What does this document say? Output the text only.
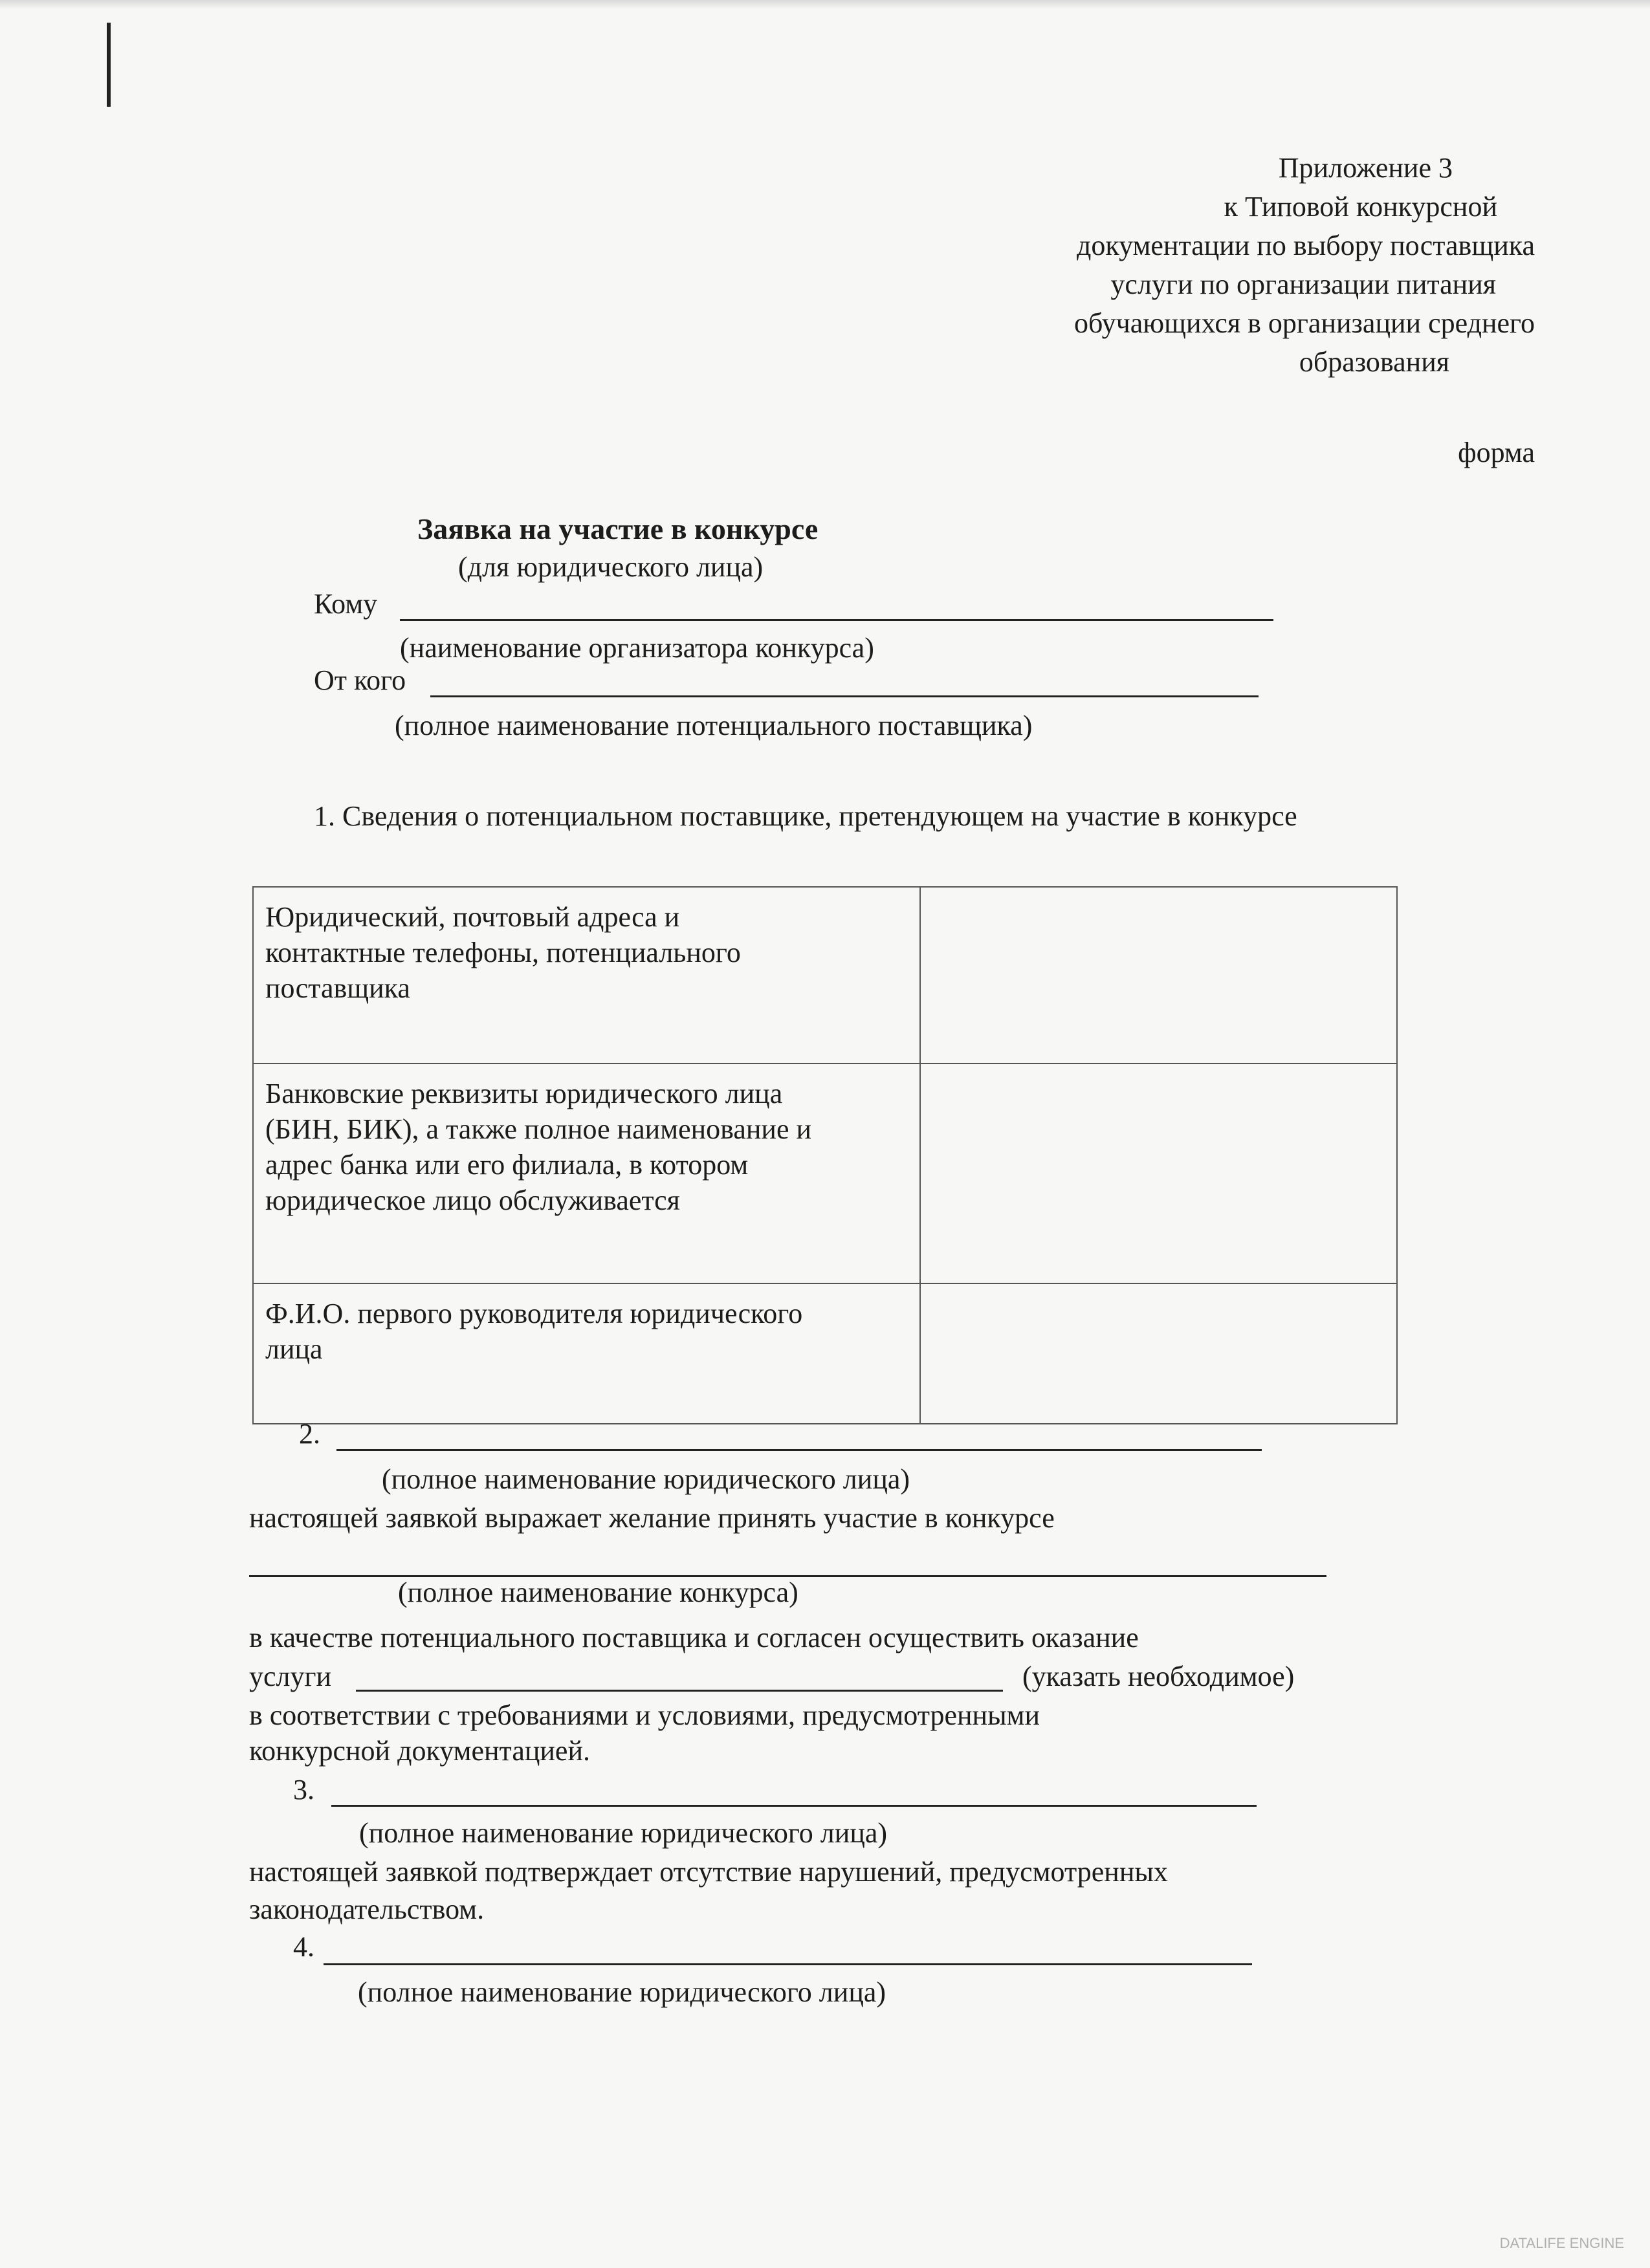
Приложение 3
к Типовой конкурсной
документации по выбору поставщика
услуги по организации питания
обучающихся в организации среднего
образования
форма
Заявка на участие в конкурсе
(для юридического лица)
Кому
(наименование организатора конкурса)
От кого
(полное наименование потенциального поставщика)
1. Сведения о потенциальном поставщике, претендующем на участие в конкурсе
Юридический, почтовый адреса и
контактные телефоны, потенциального
поставщика	

Банковские реквизиты юридического лица
(БИН, БИК), а также полное наименование и
адрес банка или его филиала, в котором
юридическое лицо обслуживается	

Ф.И.О. первого руководителя юридического
лица	

2.
(полное наименование юридического лица)
настоящей заявкой выражает желание принять участие в конкурсе
(полное наименование конкурса)
в качестве потенциального поставщика и согласен осуществить оказание
услуги	(указать необходимое)
в соответствии с требованиями и условиями, предусмотренными
конкурсной документацией.
3.
(полное наименование юридического лица)
настоящей заявкой подтверждает отсутствие нарушений, предусмотренных
законодательством.
4.
(полное наименование юридического лица)
DATALIFE ENGINE
